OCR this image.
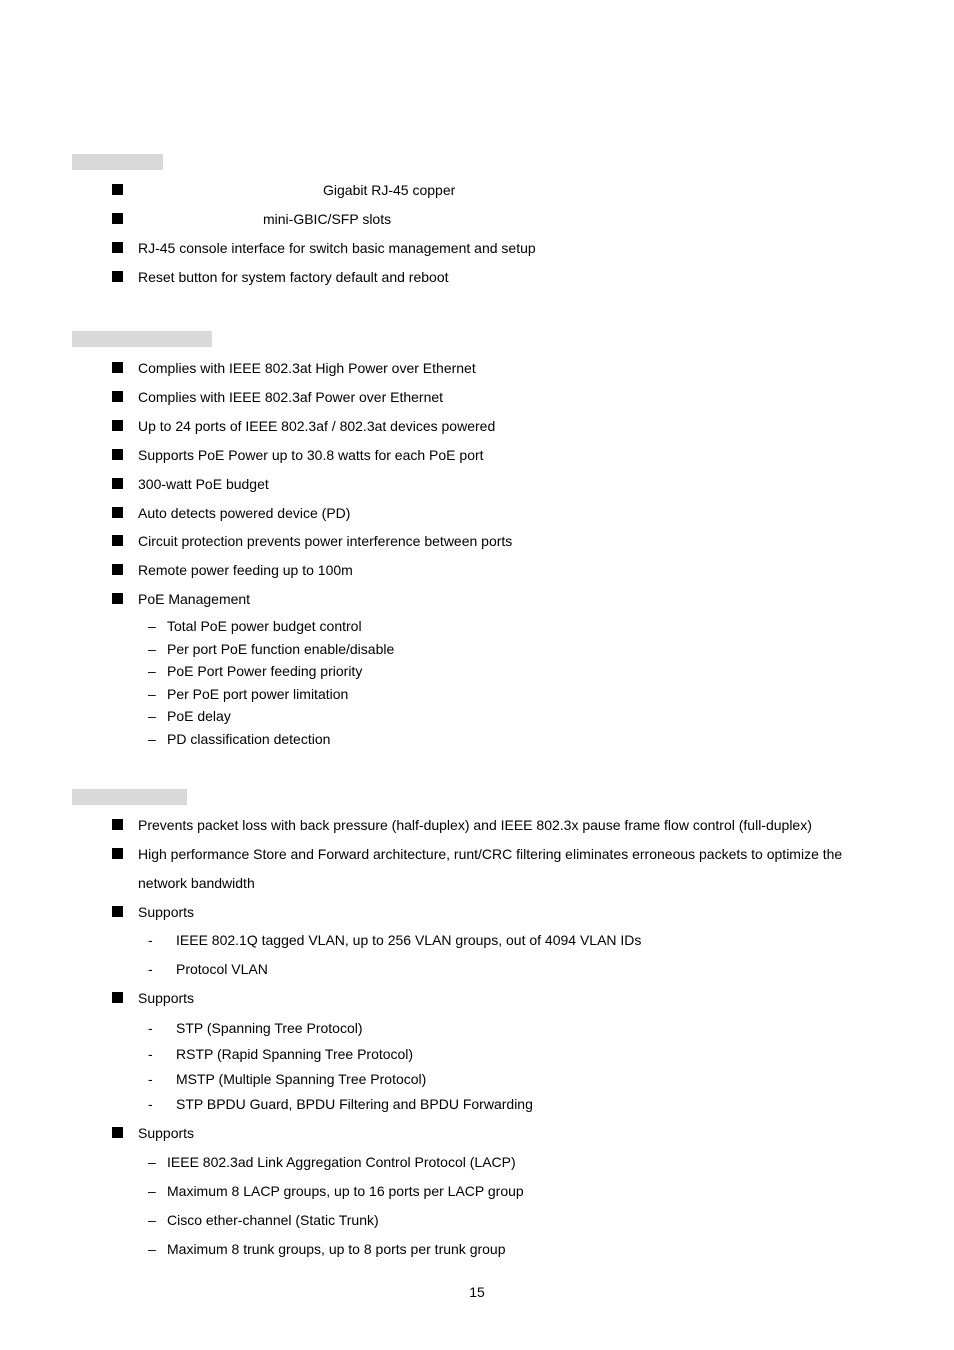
Gigabit RJ-45 copper
mini-GBIC/SFP slots
RJ-45 console interface for switch basic management and setup
Reset button for system factory default and reboot
Complies with IEEE 802.3at High Power over Ethernet
Complies with IEEE 802.3af Power over Ethernet
Up to 24 ports of IEEE 802.3af / 802.3at devices powered
Supports PoE Power up to 30.8 watts for each PoE port
300-watt PoE budget
Auto detects powered device (PD)
Circuit protection prevents power interference between ports
Remote power feeding up to 100m
PoE Management
– Total PoE power budget control
– Per port PoE function enable/disable
– PoE Port Power feeding priority
– Per PoE port power limitation
– PoE delay
– PD classification detection
Prevents packet loss with back pressure (half-duplex) and IEEE 802.3x pause frame flow control (full-duplex)
High performance Store and Forward architecture, runt/CRC filtering eliminates erroneous packets to optimize the
network bandwidth
Supports
- IEEE 802.1Q tagged VLAN, up to 256 VLAN groups, out of 4094 VLAN IDs
- Protocol VLAN
Supports
- STP (Spanning Tree Protocol)
- RSTP (Rapid Spanning Tree Protocol)
- MSTP (Multiple Spanning Tree Protocol)
- STP BPDU Guard, BPDU Filtering and BPDU Forwarding
Supports
– IEEE 802.3ad Link Aggregation Control Protocol (LACP)
– Maximum 8 LACP groups, up to 16 ports per LACP group
– Cisco ether-channel (Static Trunk)
– Maximum 8 trunk groups, up to 8 ports per trunk group
15
